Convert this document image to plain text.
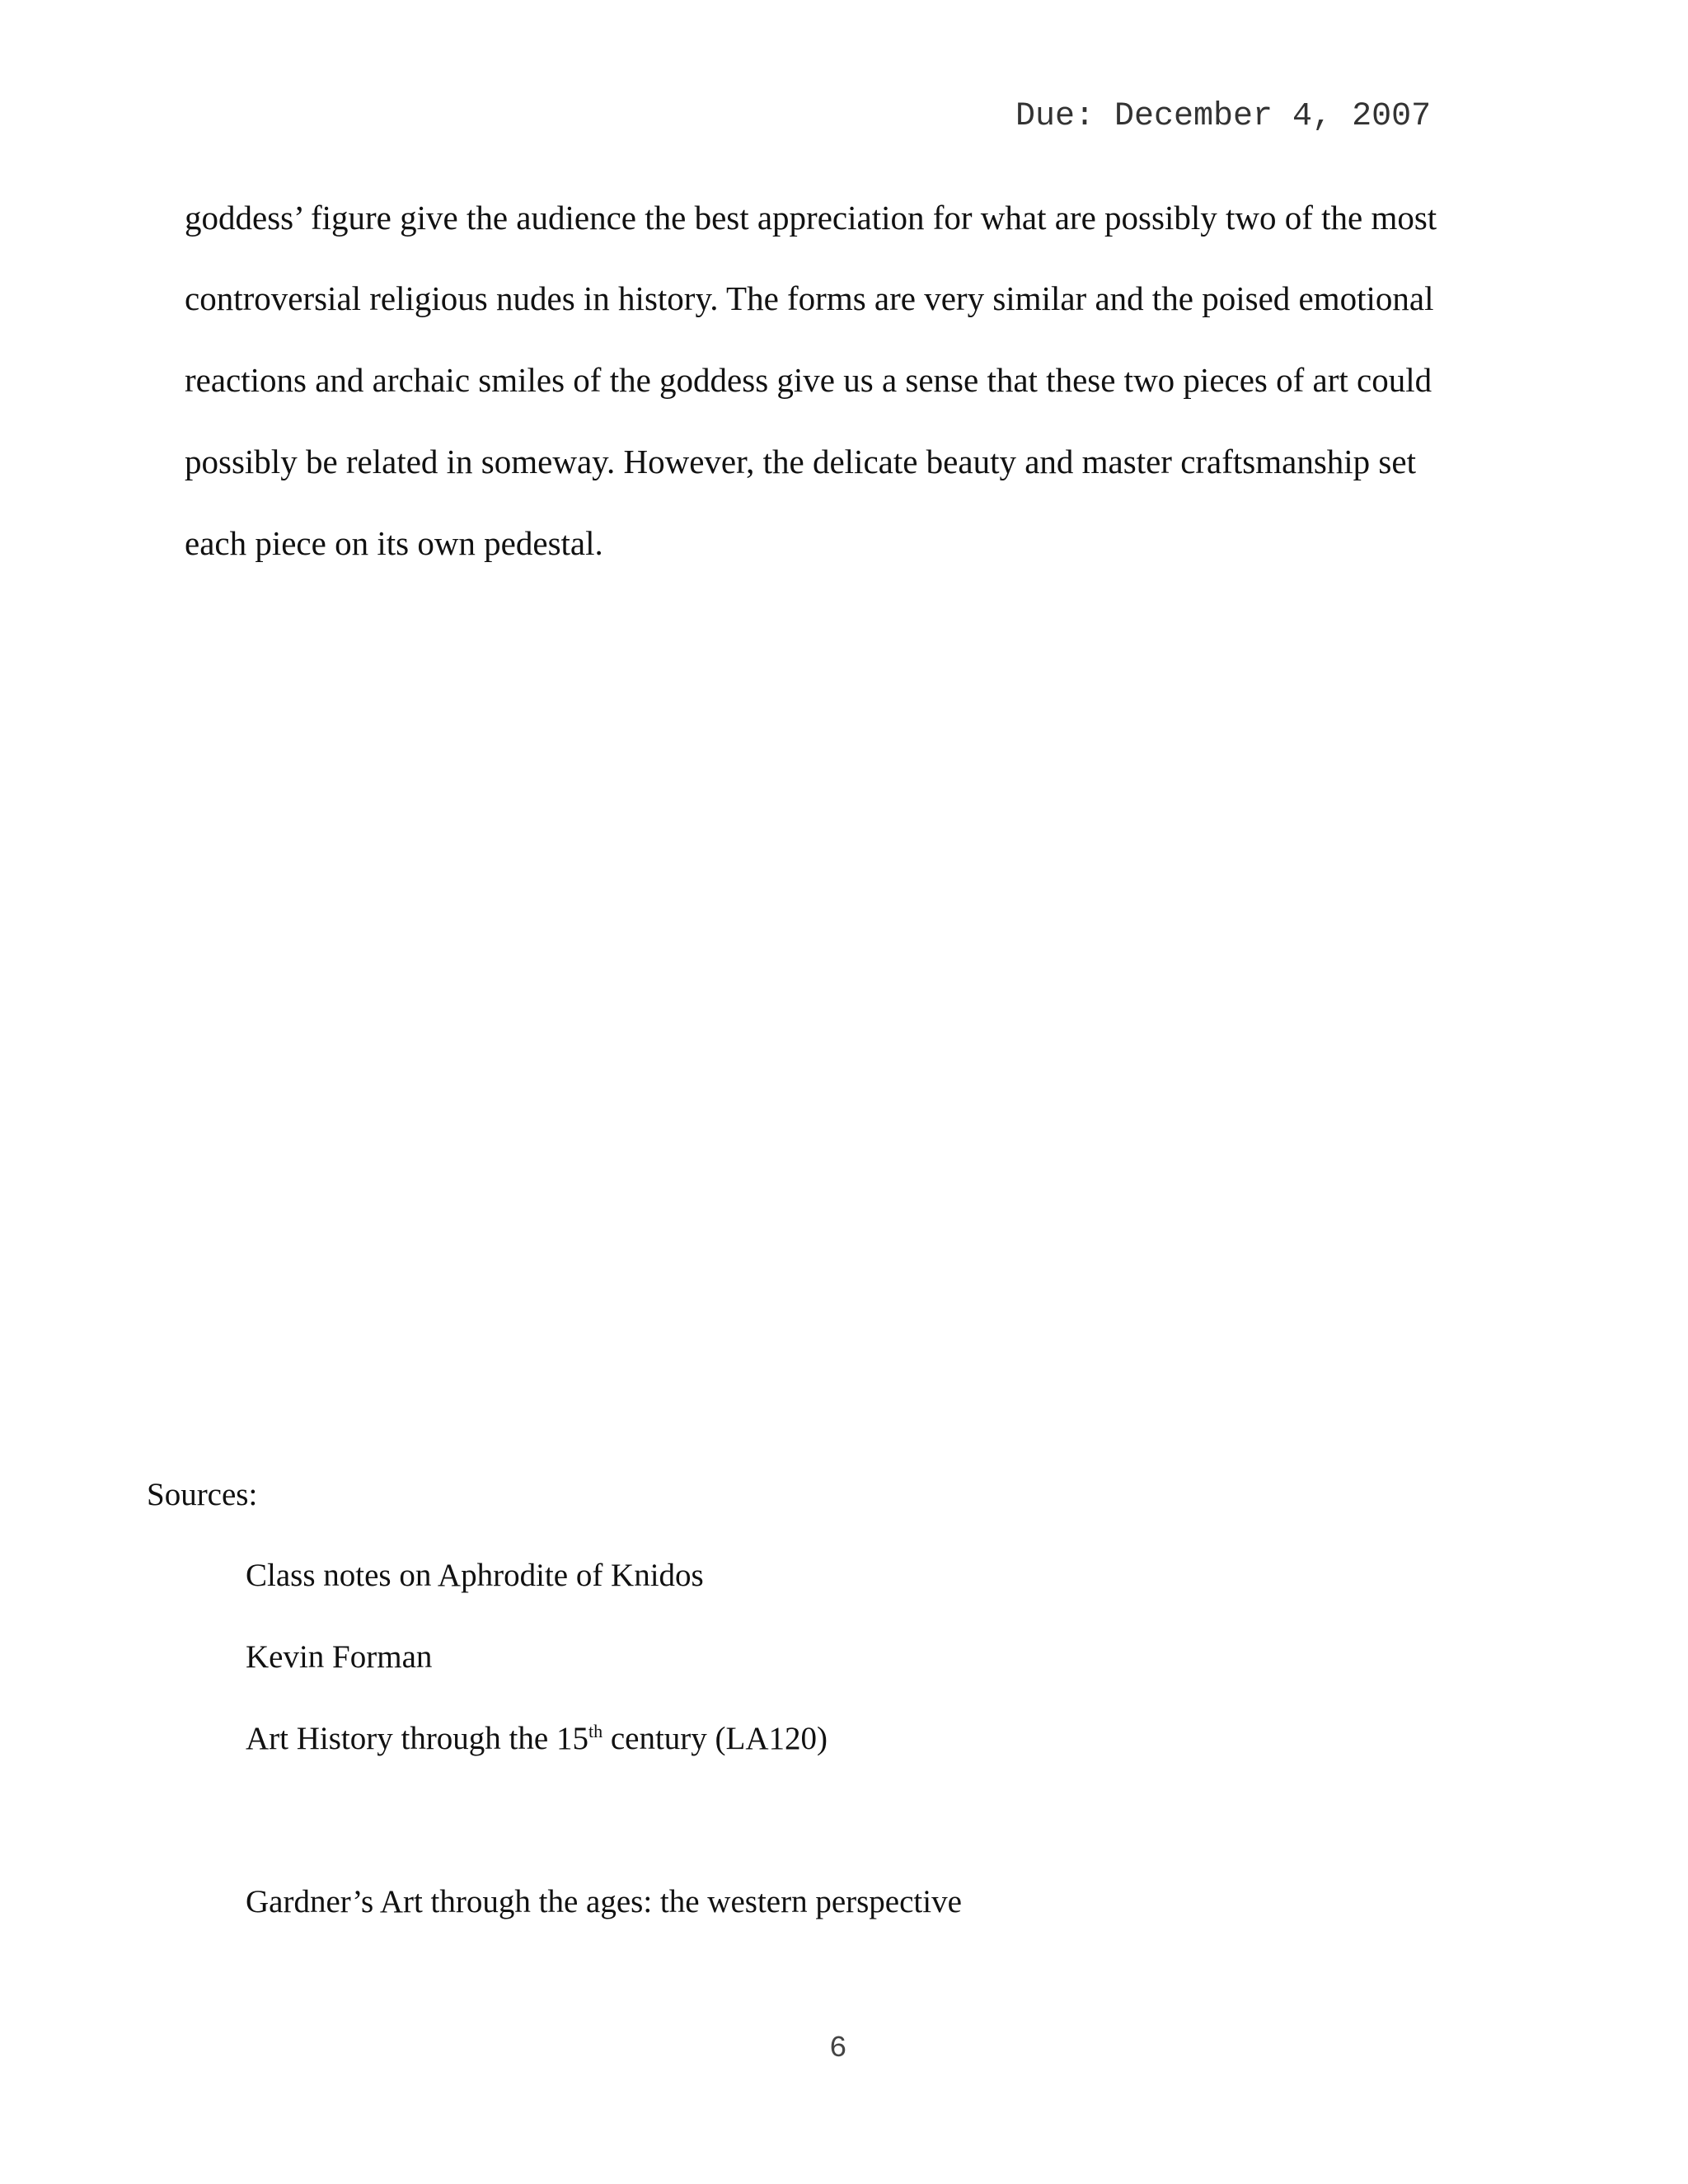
Due: December 4, 2007
goddess’ figure give the audience the best appreciation for what are possibly two of the most
controversial religious nudes in history. The forms are very similar and the poised emotional
reactions and archaic smiles of the goddess give us a sense that these two pieces of art could
possibly be related in someway. However, the delicate beauty and master craftsmanship set
each piece on its own pedestal.
Sources:
Class notes on Aphrodite of Knidos
Kevin Forman
Art History through the 15th century (LA120)
Gardner’s Art through the ages: the western perspective
6
